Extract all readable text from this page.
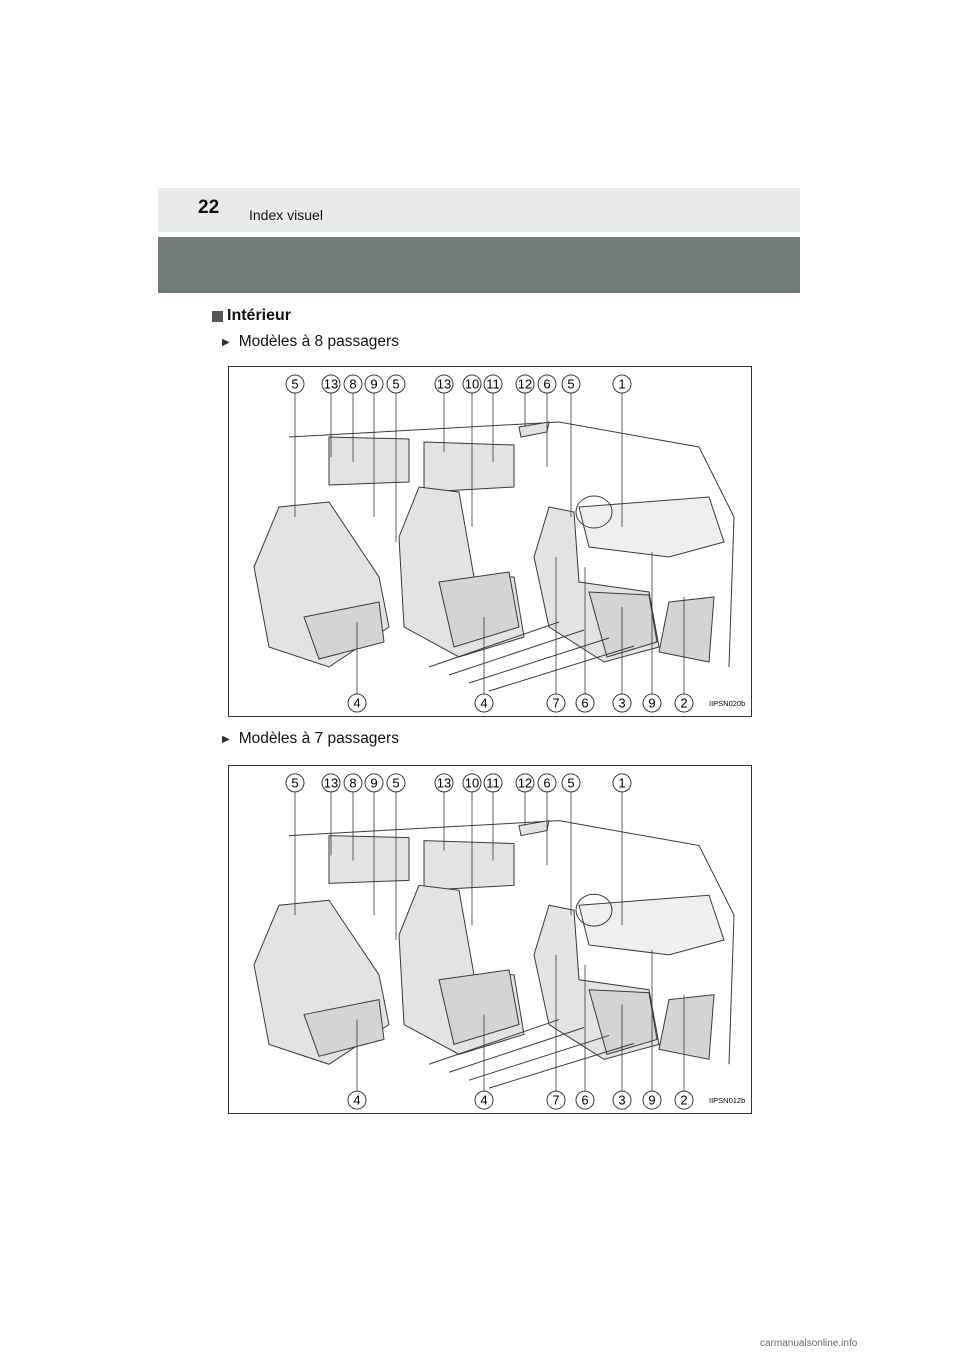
22 Index visuel
Intérieur
▶ Modèles à 8 passagers
5 13 8 9 5	13 10 11 12 6 5	1
4	4	7 6 3 9 2	IIPSN020b
▶ Modèles à 7 passagers
5 13 8 9 5	13 10 11 12 6 5	1
4	4	7 6 3 9 2	IIPSN012b
carmanualsonline.info
